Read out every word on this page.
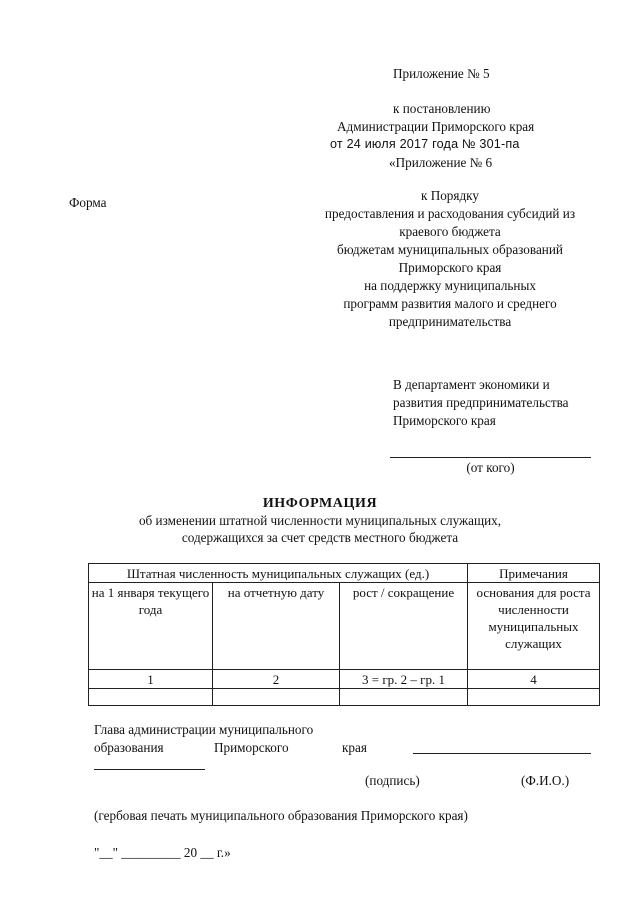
Приложение № 5
к постановлению
Администрации Приморского края
от 24 июля 2017 года № 301-па
«Приложение № 6
Форма	к Порядку
предоставления и расходования субсидий из
краевого бюджета
бюджетам муниципальных образований
Приморского края
на поддержку муниципальных
программ развития малого и среднего
предпринимательства
В департамент экономики и
развития предпринимательства
Приморского края
(от кого)
ИНФОРМАЦИЯ
об изменении штатной численности муниципальных служащих,
содержащихся за счет средств местного бюджета
Штатная численность муниципальных служащих (ед.)			Примечания
на 1 января текущего года	на отчетную дату	рост / сокращение	основания для роста численности муниципальных служащих
1	2	3 = гр. 2 – гр. 1	4

Глава администрации муниципального
образования	Приморского	края
(подпись)	(Ф.И.О.)
(гербовая печать муниципального образования Приморского края)
"__" _________ 20 __ г.»
